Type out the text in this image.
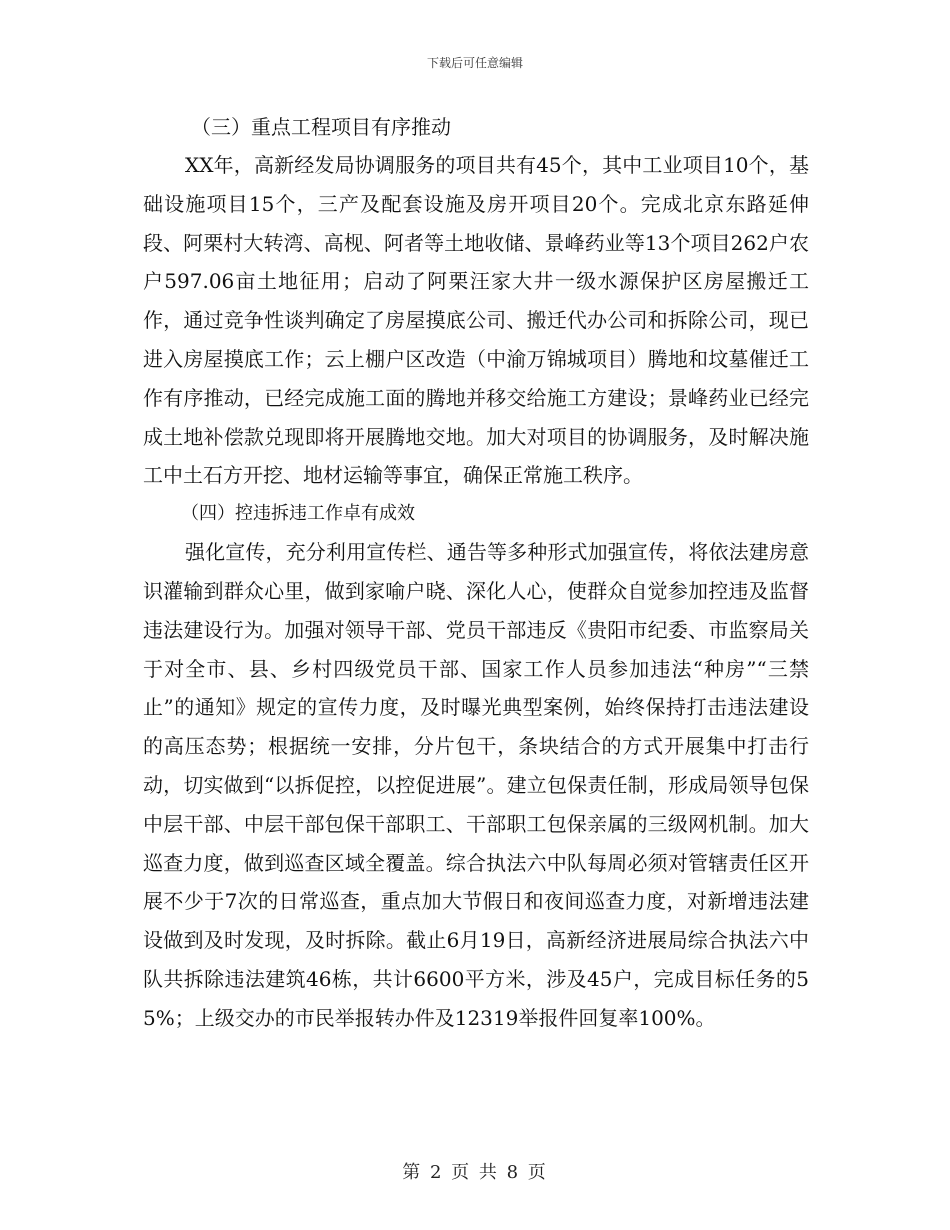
下载后可任意编辑
（三）重点工程项目有序推动

XX年，高新经发局协调服务的项目共有45个，其中工业项目10个，基础设施项目15个，三产及配套设施及房开项目20个。完成北京东路延伸段、阿栗村大转湾、高枧、阿者等土地收储、景峰药业等13个项目262户农户597.06亩土地征用；启动了阿栗汪家大井一级水源保护区房屋搬迁工作，通过竞争性谈判确定了房屋摸底公司、搬迁代办公司和拆除公司，现已进入房屋摸底工作；云上棚户区改造（中渝万锦城项目）腾地和坟墓催迁工作有序推动，已经完成施工面的腾地并移交给施工方建设；景峰药业已经完成土地补偿款兑现即将开展腾地交地。加大对项目的协调服务，及时解决施工中土石方开挖、地材运输等事宜，确保正常施工秩序。

（四）控违拆违工作卓有成效

强化宣传，充分利用宣传栏、通告等多种形式加强宣传，将依法建房意识灌输到群众心里，做到家喻户晓、深化人心，使群众自觉参加控违及监督违法建设行为。加强对领导干部、党员干部违反《贵阳市纪委、市监察局关于对全市、县、乡村四级党员干部、国家工作人员参加违法“种房”“三禁止”的通知》规定的宣传力度，及时曝光典型案例，始终保持打击违法建设的高压态势；根据统一安排，分片包干，条块结合的方式开展集中打击行动，切实做到“以拆促控，以控促进展”。建立包保责任制，形成局领导包保中层干部、中层干部包保干部职工、干部职工包保亲属的三级网机制。加大巡查力度，做到巡查区域全覆盖。综合执法六中队每周必须对管辖责任区开展不少于7次的日常巡查，重点加大节假日和夜间巡查力度，对新增违法建设做到及时发现，及时拆除。截止6月19日，高新经济进展局综合执法六中队共拆除违法建筑46栋，共计6600平方米，涉及45户，完成目标任务的55%；上级交办的市民举报转办件及12319举报件回复率100%。

第 2 页 共 8 页
